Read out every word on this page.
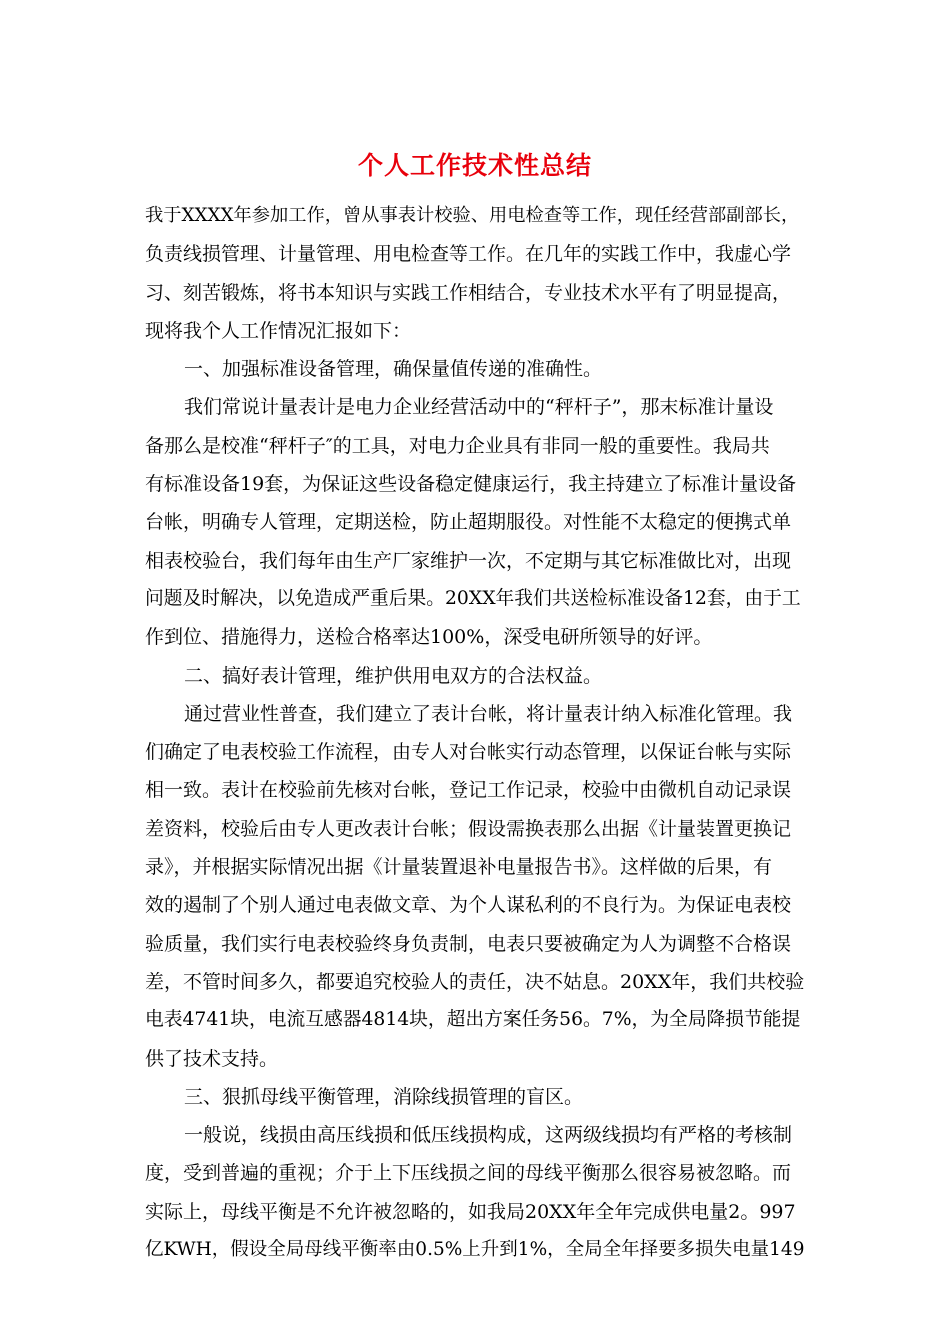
个人工作技术性总结
我于XXXX年参加工作，曾从事表计校验、用电检查等工作，现任经营部副部长，
负责线损管理、计量管理、用电检查等工作。在几年的实践工作中，我虚心学
习、刻苦锻炼，将书本知识与实践工作相结合，专业技术水平有了明显提高，
现将我个人工作情况汇报如下：
一、加强标准设备管理，确保量值传递的准确性。
我们常说计量表计是电力企业经营活动中的“秤杆子”，那末标准计量设
备那么是校准“秤杆子″的工具，对电力企业具有非同一般的重要性。我局共
有标准设备19套，为保证这些设备稳定健康运行，我主持建立了标准计量设备
台帐，明确专人管理，定期送检，防止超期服役。对性能不太稳定的便携式单
相表校验台，我们每年由生产厂家维护一次，不定期与其它标准做比对，出现
问题及时解决，以免造成严重后果。20XX年我们共送检标准设备12套，由于工
作到位、措施得力，送检合格率达100%，深受电研所领导的好评。
二、搞好表计管理，维护供用电双方的合法权益。
通过营业性普查，我们建立了表计台帐，将计量表计纳入标准化管理。我
们确定了电表校验工作流程，由专人对台帐实行动态管理，以保证台帐与实际
相一致。表计在校验前先核对台帐，登记工作记录，校验中由微机自动记录误
差资料，校验后由专人更改表计台帐；假设需换表那么出据《计量装置更换记
录》，并根据实际情况出据《计量装置退补电量报告书》。这样做的后果，有
效的遏制了个别人通过电表做文章、为个人谋私利的不良行为。为保证电表校
验质量，我们实行电表校验终身负责制，电表只要被确定为人为调整不合格误
差，不管时间多久，都要追究校验人的责任，决不姑息。20XX年，我们共校验
电表4741块，电流互感器4814块，超出方案任务56。7%，为全局降损节能提
供了技术支持。
三、狠抓母线平衡管理，消除线损管理的盲区。
一般说，线损由高压线损和低压线损构成，这两级线损均有严格的考核制
度，受到普遍的重视；介于上下压线损之间的母线平衡那么很容易被忽略。而
实际上，母线平衡是不允许被忽略的，如我局20XX年全年完成供电量2。997
亿KWH，假设全局母线平衡率由0.5%上升到1%，全局全年择要多损失电量149
